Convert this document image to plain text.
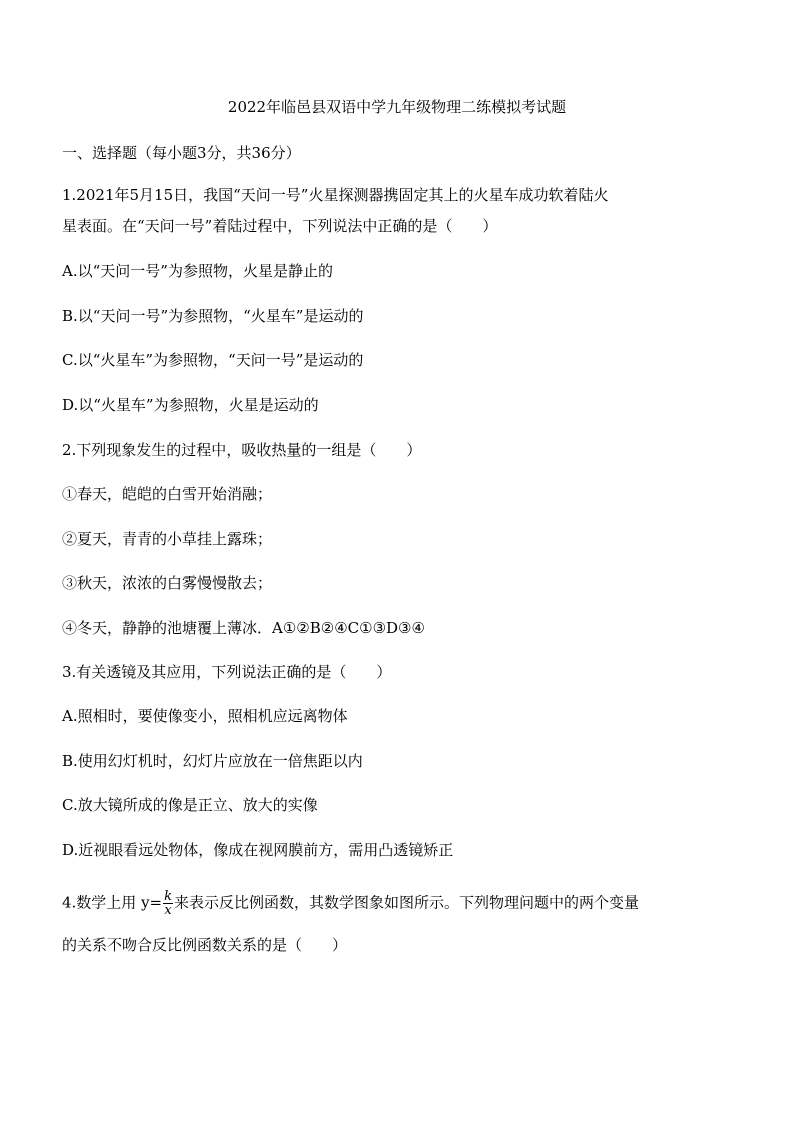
2022年临邑县双语中学九年级物理二练模拟考试题
一、选择题（每小题3分，共36分）
1.2021年5月15日，我国“天问一号”火星探测器携固定其上的火星车成功软着陆火
星表面。在“天问一号”着陆过程中，下列说法中正确的是（　　）
A.以“天问一号”为参照物，火星是静止的
B.以“天问一号”为参照物，“火星车”是运动的
C.以“火星车”为参照物，“天问一号”是运动的
D.以“火星车”为参照物，火星是运动的
2.下列现象发生的过程中，吸收热量的一组是（　　）
①春天，皑皑的白雪开始消融；
②夏天，青青的小草挂上露珠；
③秋天，浓浓的白雾慢慢散去；
④冬天，静静的池塘覆上薄冰．A①②B②④C①③D③④
3.有关透镜及其应用，下列说法正确的是（　　）
A.照相时，要使像变小，照相机应远离物体
B.使用幻灯机时，幻灯片应放在一倍焦距以内
C.放大镜所成的像是正立、放大的实像
D.近视眼看远处物体，像成在视网膜前方，需用凸透镜矫正
4.数学上用 $y= \frac{k}{x}$ 来表示反比例函数，其数学图象如图所示。下列物理问题中的两个变量
的关系不吻合反比例函数关系的是（　　）
